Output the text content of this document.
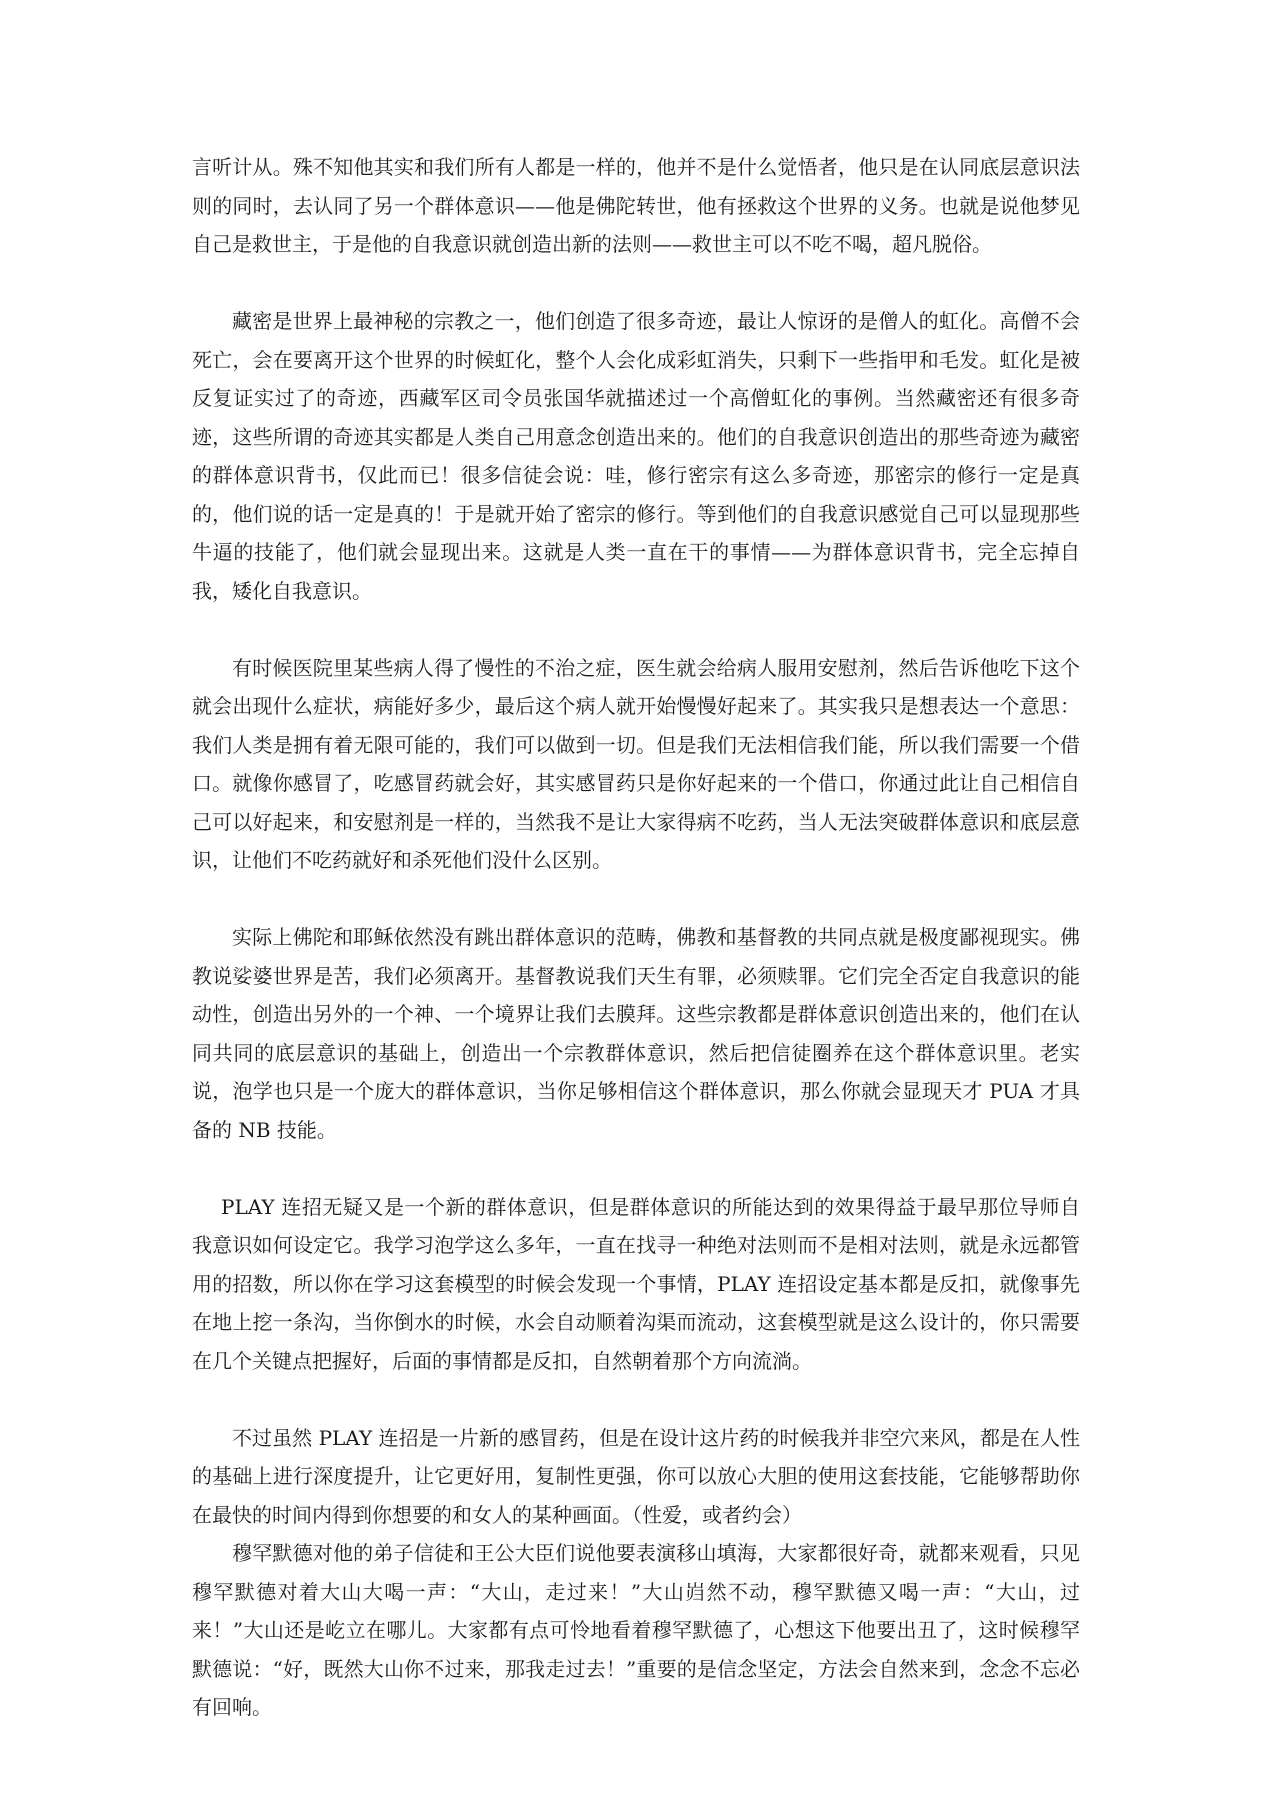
言听计从。殊不知他其实和我们所有人都是一样的，他并不是什么觉悟者，他只是在认同底层意识法则的同时，去认同了另一个群体意识——他是佛陀转世，他有拯救这个世界的义务。也就是说他梦见自己是救世主，于是他的自我意识就创造出新的法则——救世主可以不吃不喝，超凡脱俗。

藏密是世界上最神秘的宗教之一，他们创造了很多奇迹，最让人惊讶的是僧人的虹化。高僧不会死亡，会在要离开这个世界的时候虹化，整个人会化成彩虹消失，只剩下一些指甲和毛发。虹化是被反复证实过了的奇迹，西藏军区司令员张国华就描述过一个高僧虹化的事例。当然藏密还有很多奇迹，这些所谓的奇迹其实都是人类自己用意念创造出来的。他们的自我意识创造出的那些奇迹为藏密的群体意识背书，仅此而已！很多信徒会说：哇，修行密宗有这么多奇迹，那密宗的修行一定是真的，他们说的话一定是真的！于是就开始了密宗的修行。等到他们的自我意识感觉自己可以显现那些牛逼的技能了，他们就会显现出来。这就是人类一直在干的事情——为群体意识背书，完全忘掉自我，矮化自我意识。

有时候医院里某些病人得了慢性的不治之症，医生就会给病人服用安慰剂，然后告诉他吃下这个就会出现什么症状，病能好多少，最后这个病人就开始慢慢好起来了。其实我只是想表达一个意思：我们人类是拥有着无限可能的，我们可以做到一切。但是我们无法相信我们能，所以我们需要一个借口。就像你感冒了，吃感冒药就会好，其实感冒药只是你好起来的一个借口，你通过此让自己相信自己可以好起来，和安慰剂是一样的，当然我不是让大家得病不吃药，当人无法突破群体意识和底层意识，让他们不吃药就好和杀死他们没什么区别。

实际上佛陀和耶稣依然没有跳出群体意识的范畴，佛教和基督教的共同点就是极度鄙视现实。佛教说娑婆世界是苦，我们必须离开。基督教说我们天生有罪，必须赎罪。它们完全否定自我意识的能动性，创造出另外的一个神、一个境界让我们去膜拜。这些宗教都是群体意识创造出来的，他们在认同共同的底层意识的基础上，创造出一个宗教群体意识，然后把信徒圈养在这个群体意识里。老实说，泡学也只是一个庞大的群体意识，当你足够相信这个群体意识，那么你就会显现天才 PUA 才具备的 NB 技能。

PLAY 连招无疑又是一个新的群体意识，但是群体意识的所能达到的效果得益于最早那位导师自我意识如何设定它。我学习泡学这么多年，一直在找寻一种绝对法则而不是相对法则，就是永远都管用的招数，所以你在学习这套模型的时候会发现一个事情，PLAY 连招设定基本都是反扣，就像事先在地上挖一条沟，当你倒水的时候，水会自动顺着沟渠而流动，这套模型就是这么设计的，你只需要在几个关键点把握好，后面的事情都是反扣，自然朝着那个方向流淌。

不过虽然 PLAY 连招是一片新的感冒药，但是在设计这片药的时候我并非空穴来风，都是在人性的基础上进行深度提升，让它更好用，复制性更强，你可以放心大胆的使用这套技能，它能够帮助你在最快的时间内得到你想要的和女人的某种画面。（性爱，或者约会）

穆罕默德对他的弟子信徒和王公大臣们说他要表演移山填海，大家都很好奇，就都来观看，只见穆罕默德对着大山大喝一声：“大山，走过来！”大山岿然不动，穆罕默德又喝一声：“大山，过来！”大山还是屹立在哪儿。大家都有点可怜地看着穆罕默德了，心想这下他要出丑了，这时候穆罕默德说：“好，既然大山你不过来，那我走过去！”重要的是信念坚定，方法会自然来到，念念不忘必有回响。
